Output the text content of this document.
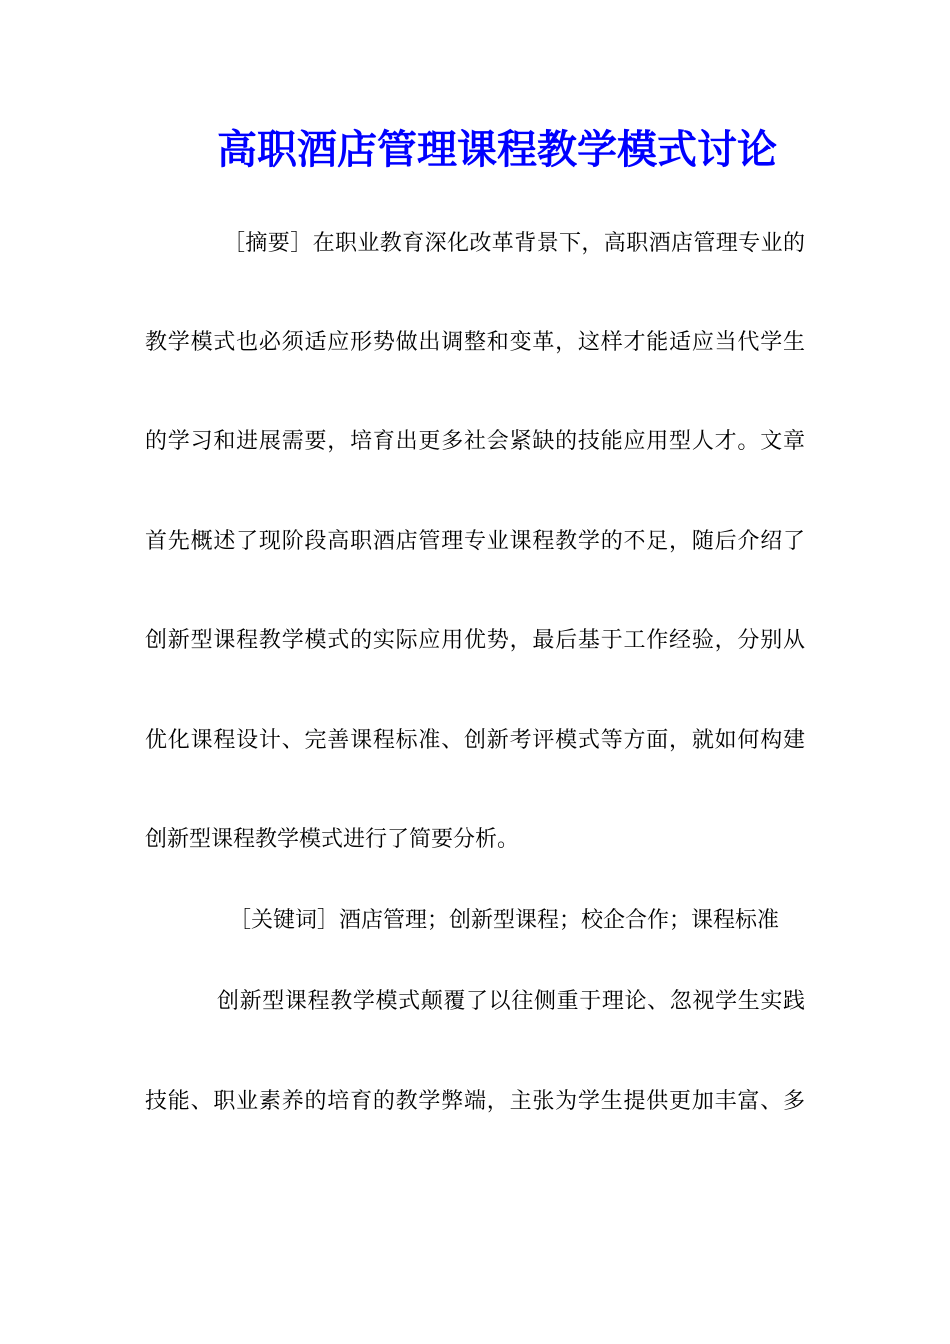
高职酒店管理课程教学模式讨论
［摘要］在职业教育深化改革背景下，高职酒店管理专业的
教学模式也必须适应形势做出调整和变革，这样才能适应当代学生
的学习和进展需要，培育出更多社会紧缺的技能应用型人才。文章
首先概述了现阶段高职酒店管理专业课程教学的不足，随后介绍了
创新型课程教学模式的实际应用优势，最后基于工作经验，分别从
优化课程设计、完善课程标准、创新考评模式等方面，就如何构建
创新型课程教学模式进行了简要分析。
［关键词］酒店管理；创新型课程；校企合作；课程标准
创新型课程教学模式颠覆了以往侧重于理论、忽视学生实践
技能、职业素养的培育的教学弊端，主张为学生提供更加丰富、多
